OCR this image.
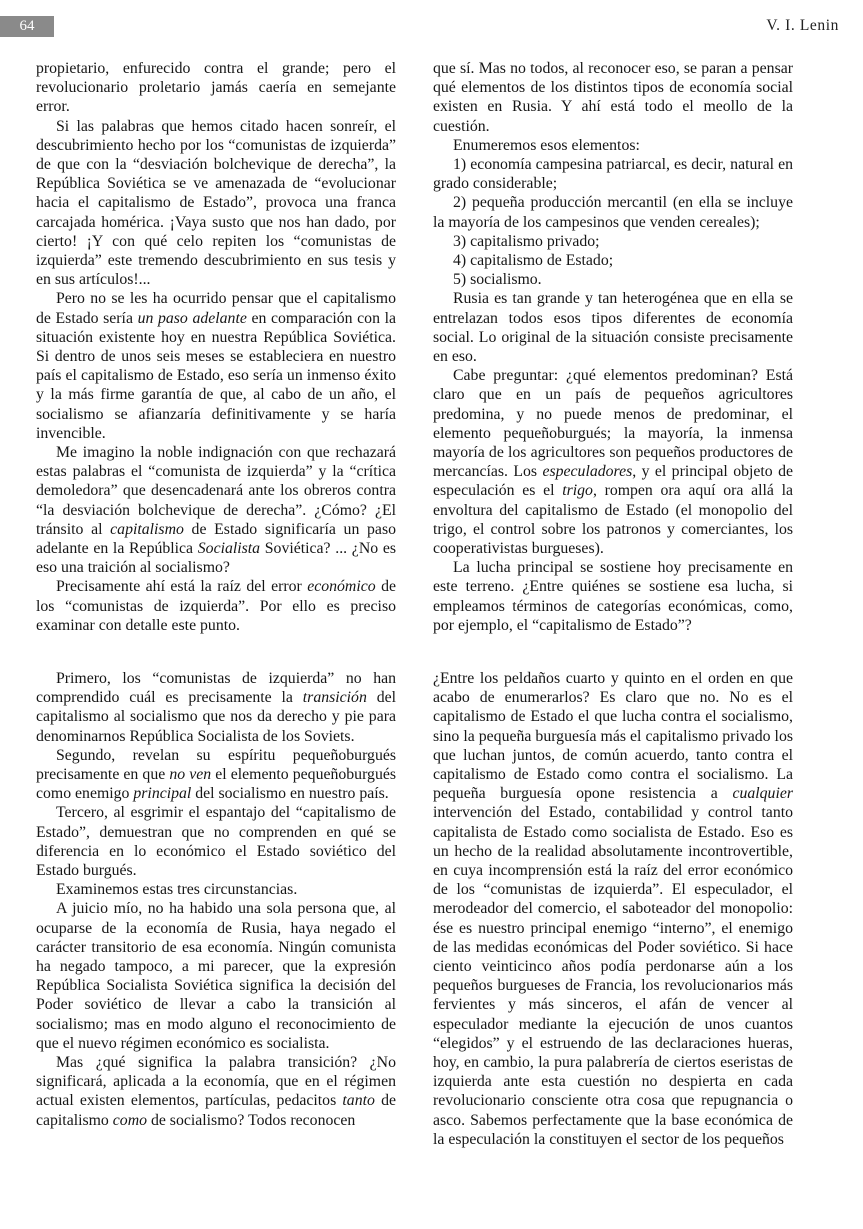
64	V. I. Lenin

propietario, enfurecido contra el grande; pero el revolucionario proletario jamás caería en semejante error.

Si las palabras que hemos citado hacen sonreír, el descubrimiento hecho por los “comunistas de izquierda” de que con la “desviación bolchevique de derecha”, la República Soviética se ve amenazada de “evolucionar hacia el capitalismo de Estado”, provoca una franca carcajada homérica. ¡Vaya susto que nos han dado, por cierto! ¡Y con qué celo repiten los “comunistas de izquierda” este tremendo descubrimiento en sus tesis y en sus artículos!...

Pero no se les ha ocurrido pensar que el capitalismo de Estado sería un paso adelante en comparación con la situación existente hoy en nuestra República Soviética. Si dentro de unos seis meses se estableciera en nuestro país el capitalismo de Estado, eso sería un inmenso éxito y la más firme garantía de que, al cabo de un año, el socialismo se afianzaría definitivamente y se haría invencible.

Me imagino la noble indignación con que rechazará estas palabras el “comunista de izquierda” y la “crítica demoledora” que desencadenará ante los obreros contra “la desviación bolchevique de derecha”. ¿Cómo? ¿El tránsito al capitalismo de Estado significaría un paso adelante en la República Socialista Soviética? ... ¿No es eso una traición al socialismo?

Precisamente ahí está la raíz del error económico de los “comunistas de izquierda”. Por ello es preciso examinar con detalle este punto.

Primero, los “comunistas de izquierda” no han comprendido cuál es precisamente la transición del capitalismo al socialismo que nos da derecho y pie para denominarnos República Socialista de los Soviets.

Segundo, revelan su espíritu pequeñoburgués precisamente en que no ven el elemento pequeñoburgués como enemigo principal del socialismo en nuestro país.

Tercero, al esgrimir el espantajo del “capitalismo de Estado”, demuestran que no comprenden en qué se diferencia en lo económico el Estado soviético del Estado burgués.

Examinemos estas tres circunstancias.

A juicio mío, no ha habido una sola persona que, al ocuparse de la economía de Rusia, haya negado el carácter transitorio de esa economía. Ningún comunista ha negado tampoco, a mi parecer, que la expresión República Socialista Soviética significa la decisión del Poder soviético de llevar a cabo la transición al socialismo; mas en modo alguno el reconocimiento de que el nuevo régimen económico es socialista.

Mas ¿qué significa la palabra transición? ¿No significará, aplicada a la economía, que en el régimen actual existen elementos, partículas, pedacitos tanto de capitalismo como de socialismo? Todos reconocen

que sí. Mas no todos, al reconocer eso, se paran a pensar qué elementos de los distintos tipos de economía social existen en Rusia. Y ahí está todo el meollo de la cuestión.

Enumeremos esos elementos:

1) economía campesina patriarcal, es decir, natural en grado considerable;

2) pequeña producción mercantil (en ella se incluye la mayoría de los campesinos que venden cereales);

3) capitalismo privado;

4) capitalismo de Estado;

5) socialismo.

Rusia es tan grande y tan heterogénea que en ella se entrelazan todos esos tipos diferentes de economía social. Lo original de la situación consiste precisamente en eso.

Cabe preguntar: ¿qué elementos predominan? Está claro que en un país de pequeños agricultores predomina, y no puede menos de predominar, el elemento pequeñoburgués; la mayoría, la inmensa mayoría de los agricultores son pequeños productores de mercancías. Los especuladores, y el principal objeto de especulación es el trigo, rompen ora aquí ora allá la envoltura del capitalismo de Estado (el monopolio del trigo, el control sobre los patronos y comerciantes, los cooperativistas burgueses).

La lucha principal se sostiene hoy precisamente en este terreno. ¿Entre quiénes se sostiene esa lucha, si empleamos términos de categorías económicas, como, por ejemplo, el “capitalismo de Estado”?

¿Entre los peldaños cuarto y quinto en el orden en que acabo de enumerarlos? Es claro que no. No es el capitalismo de Estado el que lucha contra el socialismo, sino la pequeña burguesía más el capitalismo privado los que luchan juntos, de común acuerdo, tanto contra el capitalismo de Estado como contra el socialismo. La pequeña burguesía opone resistencia a cualquier intervención del Estado, contabilidad y control tanto capitalista de Estado como socialista de Estado. Eso es un hecho de la realidad absolutamente incontrovertible, en cuya incomprensión está la raíz del error económico de los “comunistas de izquierda”. El especulador, el merodeador del comercio, el saboteador del monopolio: ése es nuestro principal enemigo “interno”, el enemigo de las medidas económicas del Poder soviético. Si hace ciento veinticinco años podía perdonarse aún a los pequeños burgueses de Francia, los revolucionarios más fervientes y más sinceros, el afán de vencer al especulador mediante la ejecución de unos cuantos “elegidos” y el estruendo de las declaraciones hueras, hoy, en cambio, la pura palabrería de ciertos eseristas de izquierda ante esta cuestión no despierta en cada revolucionario consciente otra cosa que repugnancia o asco. Sabemos perfectamente que la base económica de la especulación la constituyen el sector de los pequeños
